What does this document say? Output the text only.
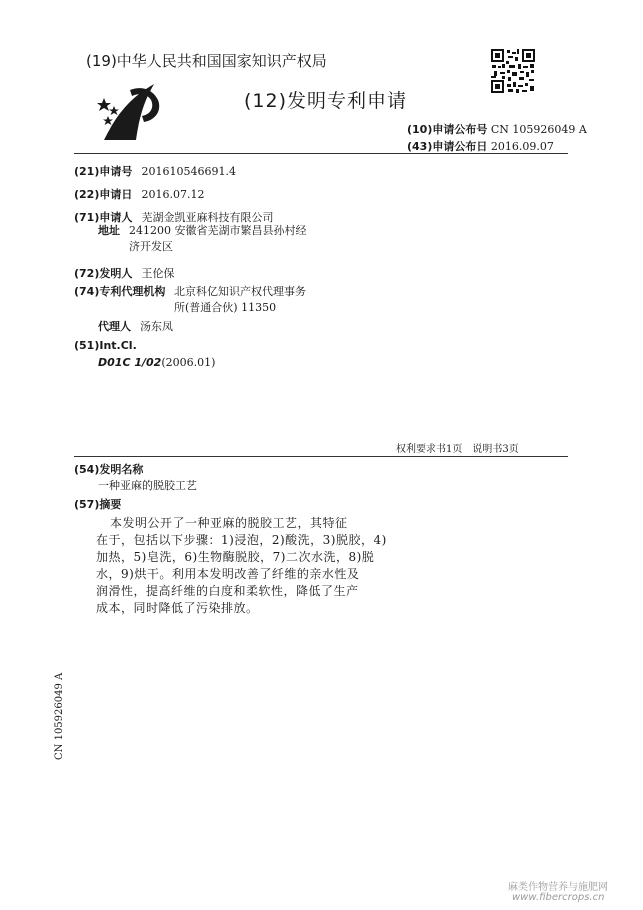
(19)中华人民共和国国家知识产权局
(12)发明专利申请
(10)申请公布号 CN 105926049 A
(43)申请公布日 2016.09.07
(21)申请号 201610546691.4
(22)申请日 2016.07.12
(71)申请人 芜湖金凯亚麻科技有限公司
地址 241200 安徽省芜湖市繁昌县孙村经
济开发区
(72)发明人 王伦保
(74)专利代理机构 北京科亿知识产权代理事务
所(普通合伙) 11350
代理人 汤东凤
(51)Int.Cl.
D01C 1/02(2006.01)
权利要求书1页　说明书3页
(54)发明名称
一种亚麻的脱胶工艺
(57)摘要
本发明公开了一种亚麻的脱胶工艺，其特征
在于，包括以下步骤：1)浸泡，2)酸洗，3)脱胶，4)
加热，5)皂洗，6)生物酶脱胶，7)二次水洗，8)脱
水，9)烘干。利用本发明改善了纤维的亲水性及
润滑性，提高纤维的白度和柔软性，降低了生产
成本，同时降低了污染排放。
CN 105926049 A
麻类作物营养与施肥网
www.fibercrops.cn
